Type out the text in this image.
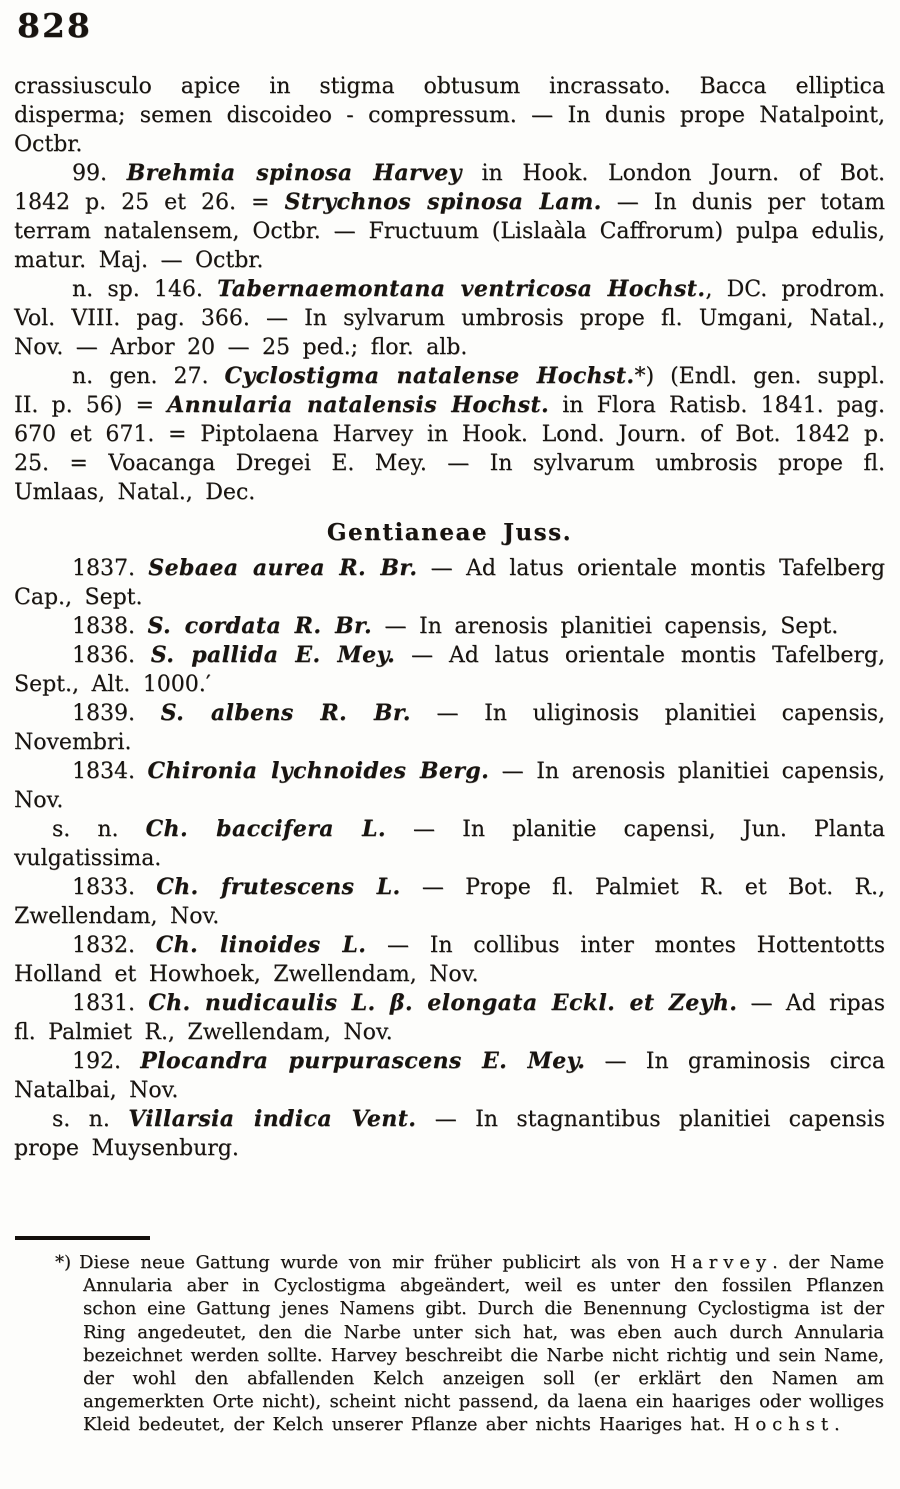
828

crassiusculo apice in stigma obtusum incrassato. Bacca elliptica disperma; semen discoideo - compressum. — In dunis prope Natalpoint, Octbr.

99. Brehmia spinosa Harvey in Hook. London Journ. of Bot. 1842 p. 25 et 26. = Strychnos spinosa Lam. — In dunis per totam terram natalensem, Octbr. — Fructuum (Lislaàla Caffrorum) pulpa edulis, matur. Maj. — Octbr.

n. sp. 146. Tabernaemontana ventricosa Hochst., DC. prodrom. Vol. VIII. pag. 366. — In sylvarum umbrosis prope fl. Umgani, Natal., Nov. — Arbor 20 — 25 ped.; flor. alb.

n. gen. 27. Cyclostigma natalense Hochst.*) (Endl. gen. suppl. II. p. 56) = Annularia natalensis Hochst. in Flora Ratisb. 1841. pag. 670 et 671. = Piptolaena Harvey in Hook. Lond. Journ. of Bot. 1842 p. 25. = Voacanga Dregei E. Mey. — In sylvarum umbrosis prope fl. Umlaas, Natal., Dec.

Gentianeae Juss.

1837. Sebaea aurea R. Br. — Ad latus orientale montis Tafelberg Cap., Sept.

1838. S. cordata R. Br. — In arenosis planitiei capensis, Sept.

1836. S. pallida E. Mey. — Ad latus orientale montis Tafelberg, Sept., Alt. 1000.′

1839. S. albens R. Br. — In uliginosis planitiei capensis, Novembri.

1834. Chironia lychnoides Berg. — In arenosis planitiei capensis, Nov.

s. n. Ch. baccifera L. — In planitie capensi, Jun. Planta vulgatissima.

1833. Ch. frutescens L. — Prope fl. Palmiet R. et Bot. R., Zwellendam, Nov.

1832. Ch. linoides L. — In collibus inter montes Hottentotts Holland et Howhoek, Zwellendam, Nov.

1831. Ch. nudicaulis L. β. elongata Eckl. et Zeyh. — Ad ripas fl. Palmiet R., Zwellendam, Nov.

192. Plocandra purpurascens E. Mey. — In graminosis circa Natalbai, Nov.

s. n. Villarsia indica Vent. — In stagnantibus planitiei capensis prope Muysenburg.

*) Diese neue Gattung wurde von mir früher publicirt als von Harvey. der Name Annularia aber in Cyclostigma abgeändert, weil es unter den fossilen Pflanzen schon eine Gattung jenes Namens gibt. Durch die Benennung Cyclostigma ist der Ring angedeutet, den die Narbe unter sich hat, was eben auch durch Annularia bezeichnet werden sollte. Harvey beschreibt die Narbe nicht richtig und sein Name, der wohl den abfallenden Kelch anzeigen soll (er erklärt den Namen am angemerkten Orte nicht), scheint nicht passend, da laena ein haariges oder wolliges Kleid bedeutet, der Kelch unserer Pflanze aber nichts Haariges hat. Hochst.
